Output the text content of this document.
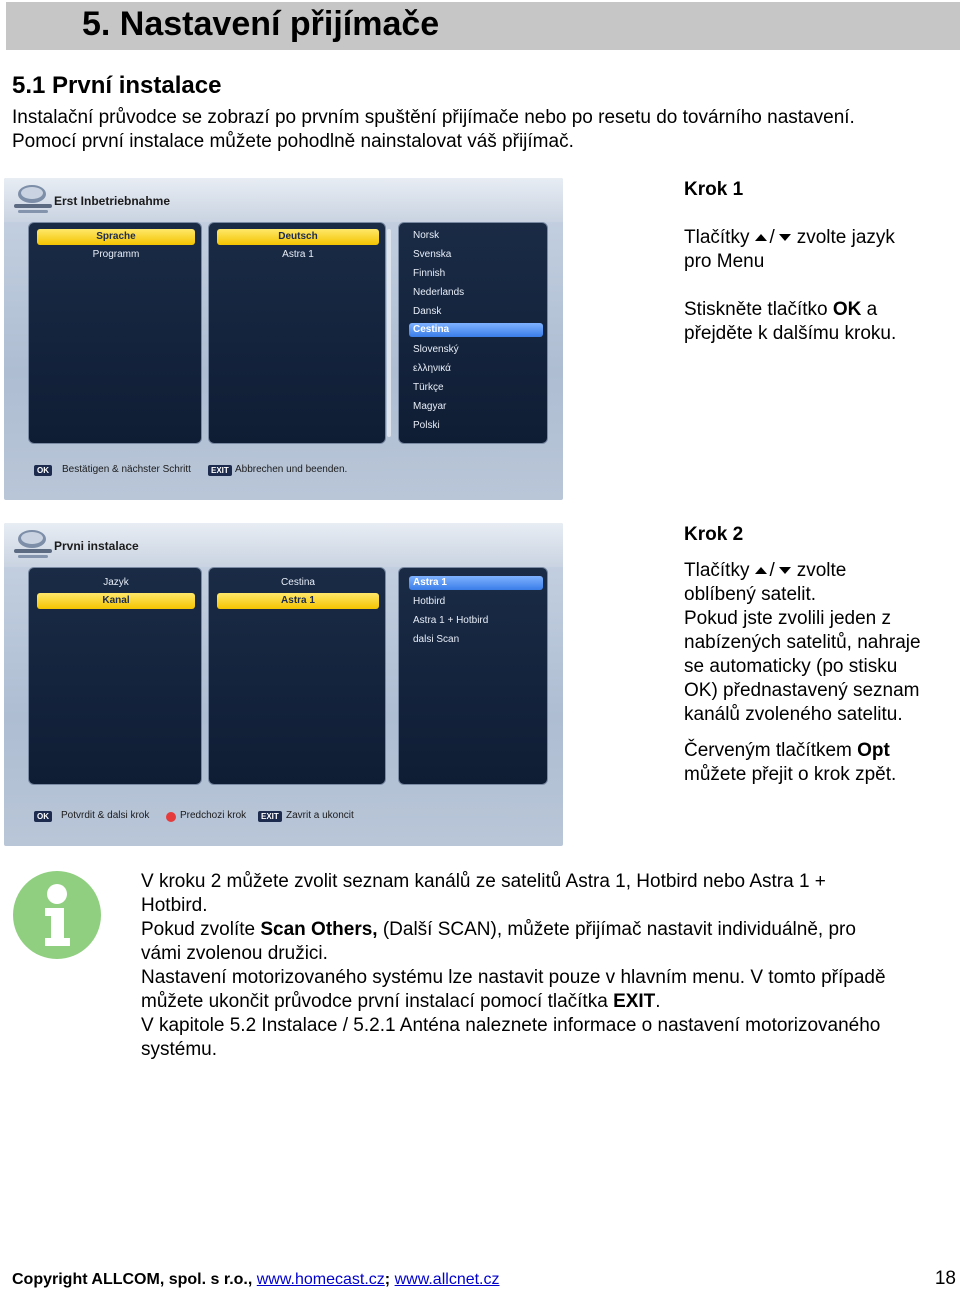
5. Nastavení přijímače
5.1 První instalace

Instalační průvodce se zobrazí po prvním spuštění přijímače nebo po resetu do továrního nastavení.

Pomocí první instalace můžete pohodlně nainstalovat váš přijímač.

Erst Inbetriebnahme
Sprache
Programm
Deutsch
Astra 1
Norsk
Svenska
Finnish
Nederlands
Dansk
Cestina
Slovenský
ελληνικά
Türkçe
Magyar
Polski
OK	Bestätigen & nächster Schritt	EXIT Abbrechen und beenden.
Prvni instalace
Jazyk
Kanal
Cestina
Astra 1
Astra 1
Hotbird
Astra 1 + Hotbird
dalsi Scan
OK	Potvrdit & dalsi krok	Predchozi krok	EXIT Zavrit a ukoncit
Krok 1

Tlačítky / zvolte jazyk

pro Menu

Stiskněte tlačítko OK a

přejděte k dalšímu kroku.

Krok 2

Tlačítky / zvolte

oblíbený satelit.

Pokud jste zvolili jeden z

nabízených satelitů, nahraje

se automaticky (po stisku

OK) přednastavený seznam

kanálů zvoleného satelitu.

Červeným tlačítkem Opt

můžete přejit o krok zpět.

V kroku 2 můžete zvolit seznam kanálů ze satelitů Astra 1, Hotbird nebo Astra 1 +

Hotbird.

Pokud zvolíte Scan Others, (Další SCAN), můžete přijímač nastavit individuálně, pro

vámi zvolenou družici.

Nastavení motorizovaného systému lze nastavit pouze v hlavním menu. V tomto případě

můžete ukončit průvodce první instalací pomocí tlačítka EXIT.

V kapitole 5.2 Instalace / 5.2.1 Anténa naleznete informace o nastavení motorizovaného

systému.

Copyright ALLCOM, spol. s r.o., www.homecast.cz; www.allcnet.cz	18
